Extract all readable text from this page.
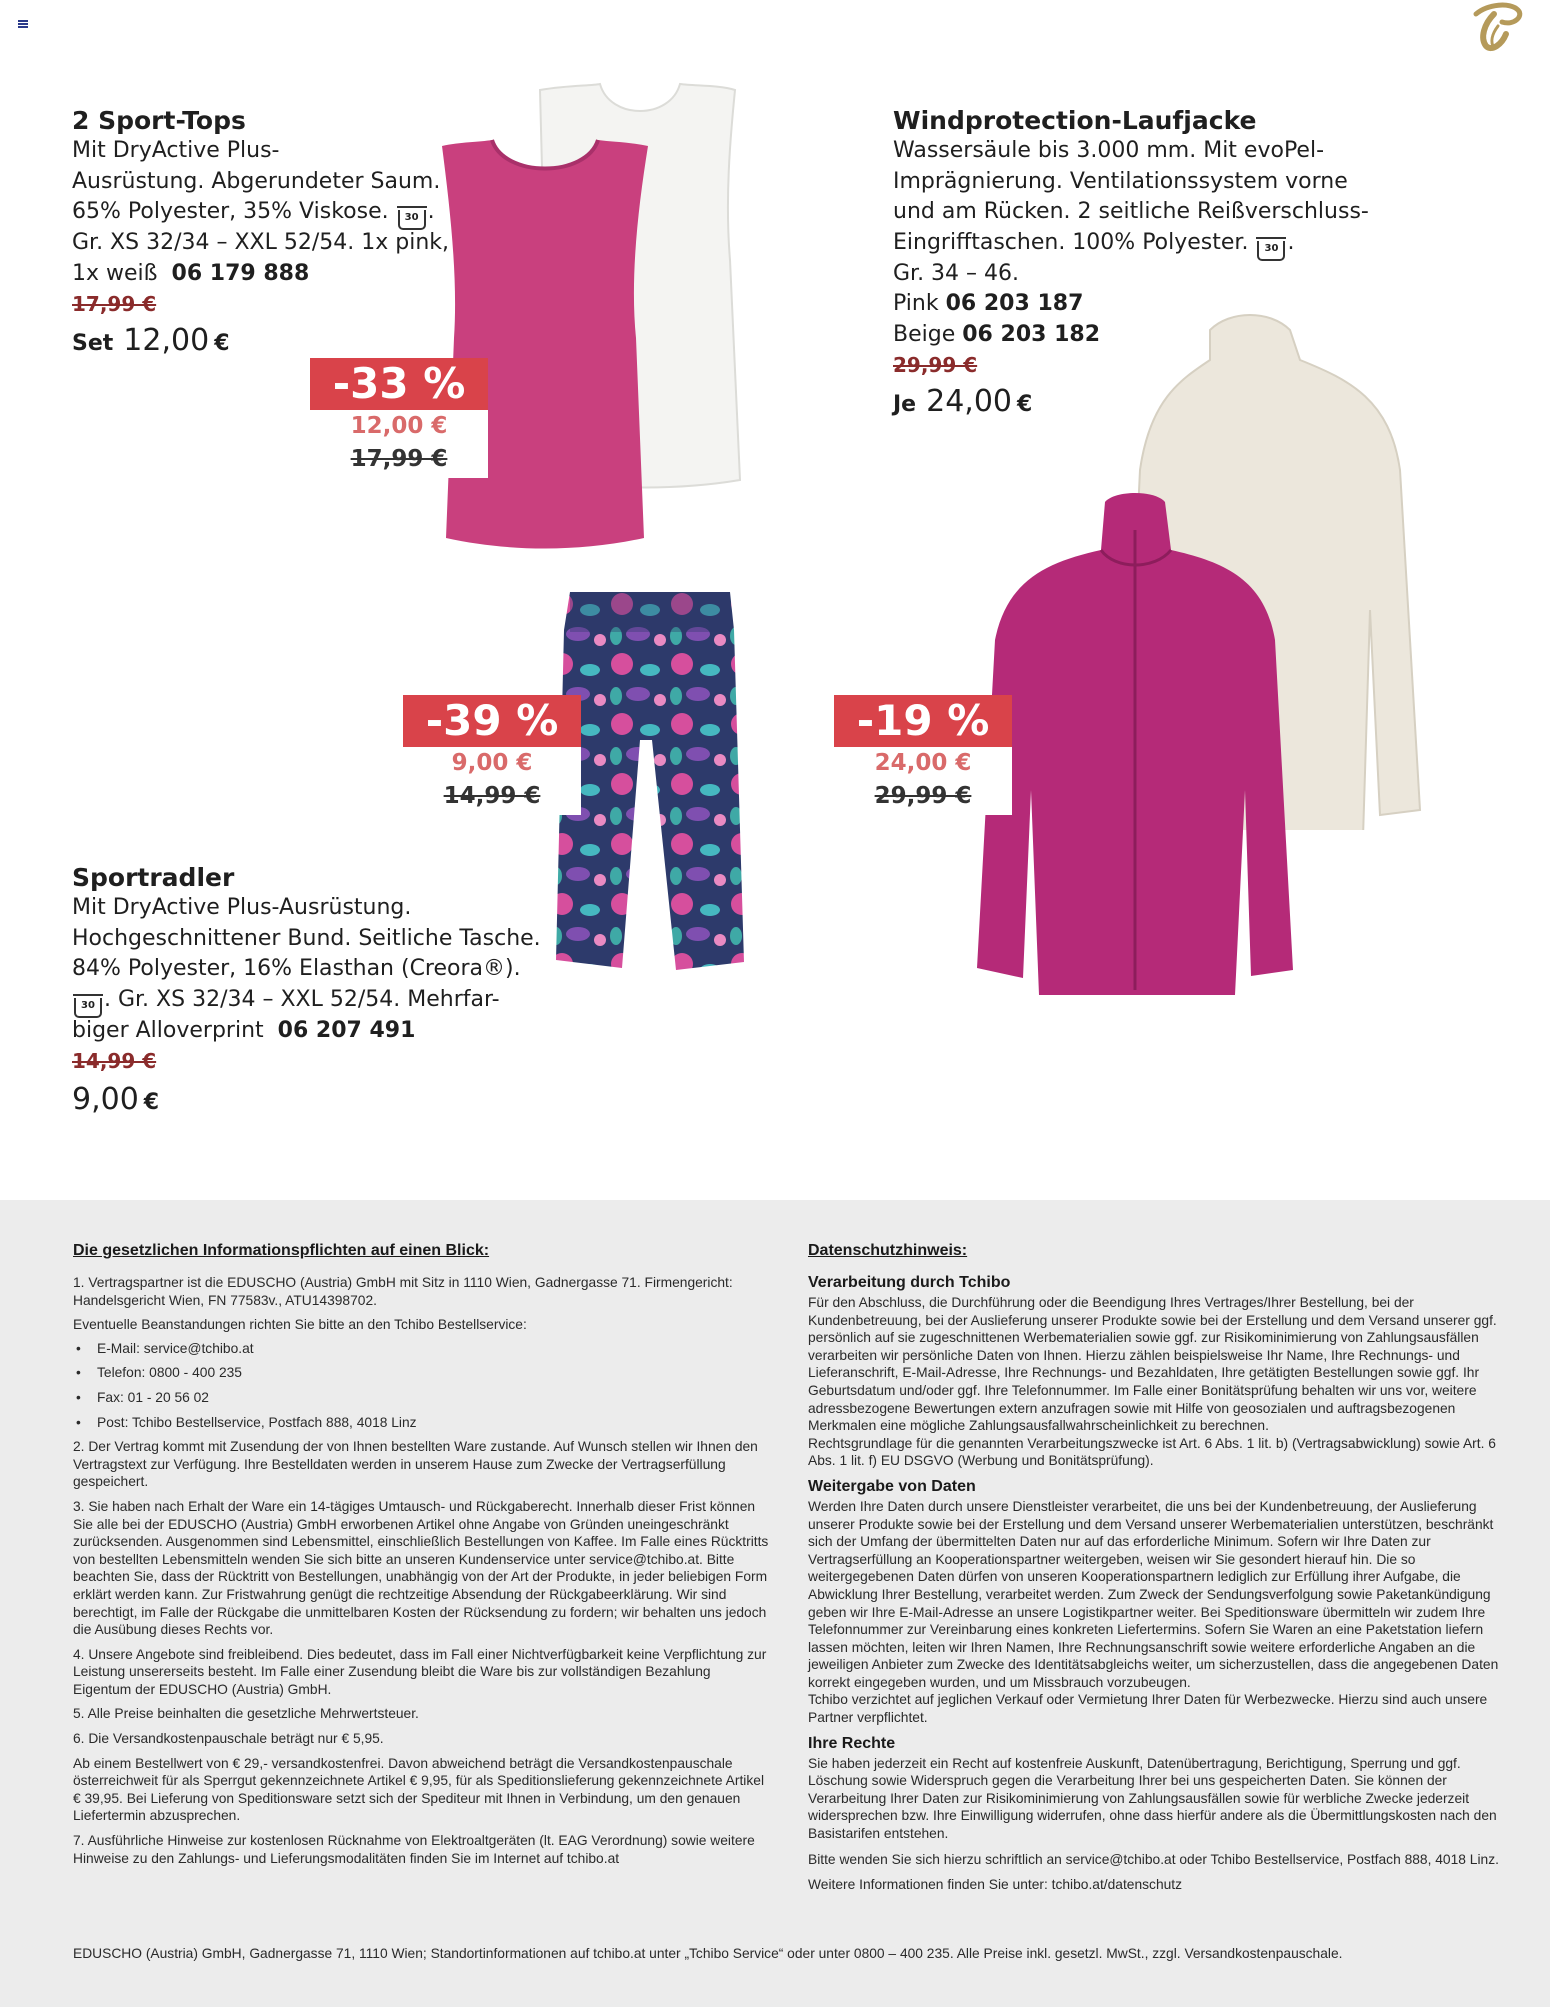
2 Sport-Tops

Mit DryActive Plus-

Ausrüstung. Abgerundeter Saum.

65% Polyester, 35% Viskose. 30 .

Gr. XS 32/34 – XXL 52/54. 1x pink,

1x weiß 06 179 888

17,99 €
Set 12,00 €
-33 %
12,00 €
17,99 €

Windprotection-Laufjacke

Wassersäule bis 3.000 mm. Mit evoPel-

Imprägnierung. Ventilationssystem vorne

und am Rücken. 2 seitliche Reißverschluss-

Eingrifftaschen. 100% Polyester. 30 .

Gr. 34 – 46.

Pink 06 203 187

Beige 06 203 182

29,99 €
Je 24,00 €
-19 %
24,00 €
29,99 €
-39 %
9,00 €
14,99 €

Sportradler

Mit DryActive Plus-Ausrüstung.

Hochgeschnittener Bund. Seitliche Tasche.

84% Polyester, 16% Elasthan (Creora®).

30 . Gr. XS 32/34 – XXL 52/54. Mehrfar-

biger Alloverprint 06 207 491

14,99 €
9,00 €

Die gesetzlichen Informationspflichten auf einen Blick:

1. Vertragspartner ist die EDUSCHO (Austria) GmbH mit Sitz in 1110 Wien, Gadnergasse 71. Firmengericht: Handelsgericht Wien, FN 77583v., ATU14398702.

Eventuelle Beanstandungen richten Sie bitte an den Tchibo Bestellservice:

• E-Mail: service@tchibo.at

• Telefon: 0800 - 400 235

• Fax: 01 - 20 56 02

• Post: Tchibo Bestellservice, Postfach 888, 4018 Linz

2. Der Vertrag kommt mit Zusendung der von Ihnen bestellten Ware zustande. Auf Wunsch stellen wir Ihnen den Vertragstext zur Verfügung. Ihre Bestelldaten werden in unserem Hause zum Zwecke der Vertragserfüllung gespeichert.

3. Sie haben nach Erhalt der Ware ein 14-tägiges Umtausch- und Rückgaberecht. Innerhalb dieser Frist können Sie alle bei der EDUSCHO (Austria) GmbH erworbenen Artikel ohne Angabe von Gründen uneingeschränkt zurücksenden. Ausgenommen sind Lebensmittel, einschließlich Bestellungen von Kaffee. Im Falle eines Rücktritts von bestellten Lebensmitteln wenden Sie sich bitte an unseren Kundenservice unter service@tchibo.at. Bitte beachten Sie, dass der Rücktritt von Bestellungen, unabhängig von der Art der Produkte, in jeder beliebigen Form erklärt werden kann. Zur Fristwahrung genügt die rechtzeitige Absendung der Rückgabeerklärung. Wir sind berechtigt, im Falle der Rückgabe die unmittelbaren Kosten der Rücksendung zu fordern; wir behalten uns jedoch die Ausübung dieses Rechts vor.

4. Unsere Angebote sind freibleibend. Dies bedeutet, dass im Fall einer Nichtverfügbarkeit keine Verpflichtung zur Leistung unsererseits besteht. Im Falle einer Zusendung bleibt die Ware bis zur vollständigen Bezahlung Eigentum der EDUSCHO (Austria) GmbH.

5. Alle Preise beinhalten die gesetzliche Mehrwertsteuer.

6. Die Versandkostenpauschale beträgt nur € 5,95.

Ab einem Bestellwert von € 29,- versandkostenfrei. Davon abweichend beträgt die Versandkostenpauschale österreichweit für als Sperrgut gekennzeichnete Artikel € 9,95, für als Speditionslieferung gekennzeichnete Artikel € 39,95. Bei Lieferung von Speditionsware setzt sich der Spediteur mit Ihnen in Verbindung, um den genauen Liefertermin abzusprechen.

7. Ausführliche Hinweise zur kostenlosen Rücknahme von Elektroaltgeräten (lt. EAG Verordnung) sowie weitere Hinweise zu den Zahlungs- und Lieferungsmodalitäten finden Sie im Internet auf tchibo.at

Datenschutzhinweis:

Verarbeitung durch Tchibo

Für den Abschluss, die Durchführung oder die Beendigung Ihres Vertrages/Ihrer Bestellung, bei der Kundenbetreuung, bei der Auslieferung unserer Produkte sowie bei der Erstellung und dem Versand unserer ggf. persönlich auf sie zugeschnittenen Werbematerialien sowie ggf. zur Risikominimierung von Zahlungsausfällen verarbeiten wir persönliche Daten von Ihnen. Hierzu zählen beispielsweise Ihr Name, Ihre Rechnungs- und Lieferanschrift, E-Mail-Adresse, Ihre Rechnungs- und Bezahldaten, Ihre getätigten Bestellungen sowie ggf. Ihr Geburtsdatum und/oder ggf. Ihre Telefonnummer. Im Falle einer Bonitätsprüfung behalten wir uns vor, weitere adressbezogene Bewertungen extern anzufragen sowie mit Hilfe von geosozialen und auftragsbezogenen Merkmalen eine mögliche Zahlungsausfallwahrscheinlichkeit zu berechnen.

Rechtsgrundlage für die genannten Verarbeitungszwecke ist Art. 6 Abs. 1 lit. b) (Vertragsabwicklung) sowie Art. 6 Abs. 1 lit. f) EU DSGVO (Werbung und Bonitätsprüfung).

Weitergabe von Daten

Werden Ihre Daten durch unsere Dienstleister verarbeitet, die uns bei der Kundenbetreuung, der Auslieferung unserer Produkte sowie bei der Erstellung und dem Versand unserer Werbematerialien unterstützen, beschränkt sich der Umfang der übermittelten Daten nur auf das erforderliche Minimum. Sofern wir Ihre Daten zur Vertragserfüllung an Kooperationspartner weitergeben, weisen wir Sie gesondert hierauf hin. Die so weitergegebenen Daten dürfen von unseren Kooperationspartnern lediglich zur Erfüllung ihrer Aufgabe, die Abwicklung Ihrer Bestellung, verarbeitet werden. Zum Zweck der Sendungsverfolgung sowie Paketankündigung geben wir Ihre E-Mail-Adresse an unsere Logistikpartner weiter. Bei Speditionsware übermitteln wir zudem Ihre Telefonnummer zur Vereinbarung eines konkreten Liefertermins. Sofern Sie Waren an eine Paketstation liefern lassen möchten, leiten wir Ihren Namen, Ihre Rechnungsanschrift sowie weitere erforderliche Angaben an die jeweiligen Anbieter zum Zwecke des Identitätsabgleichs weiter, um sicherzustellen, dass die angegebenen Daten korrekt eingegeben wurden, und um Missbrauch vorzubeugen.

Tchibo verzichtet auf jeglichen Verkauf oder Vermietung Ihrer Daten für Werbezwecke. Hierzu sind auch unsere Partner verpflichtet.

Ihre Rechte

Sie haben jederzeit ein Recht auf kostenfreie Auskunft, Datenübertragung, Berichtigung, Sperrung und ggf. Löschung sowie Widerspruch gegen die Verarbeitung Ihrer bei uns gespeicherten Daten. Sie können der Verarbeitung Ihrer Daten zur Risikominimierung von Zahlungsausfällen sowie für werbliche Zwecke jederzeit widersprechen bzw. Ihre Einwilligung widerrufen, ohne dass hierfür andere als die Übermittlungskosten nach den Basistarifen entstehen.

Bitte wenden Sie sich hierzu schriftlich an service@tchibo.at oder Tchibo Bestellservice, Postfach 888, 4018 Linz.

Weitere Informationen finden Sie unter: tchibo.at/datenschutz

EDUSCHO (Austria) GmbH, Gadnergasse 71, 1110 Wien; Standortinformationen auf tchibo.at unter „Tchibo Service“ oder unter 0800 – 400 235. Alle Preise inkl. gesetzl. MwSt., zzgl. Versandkostenpauschale.
